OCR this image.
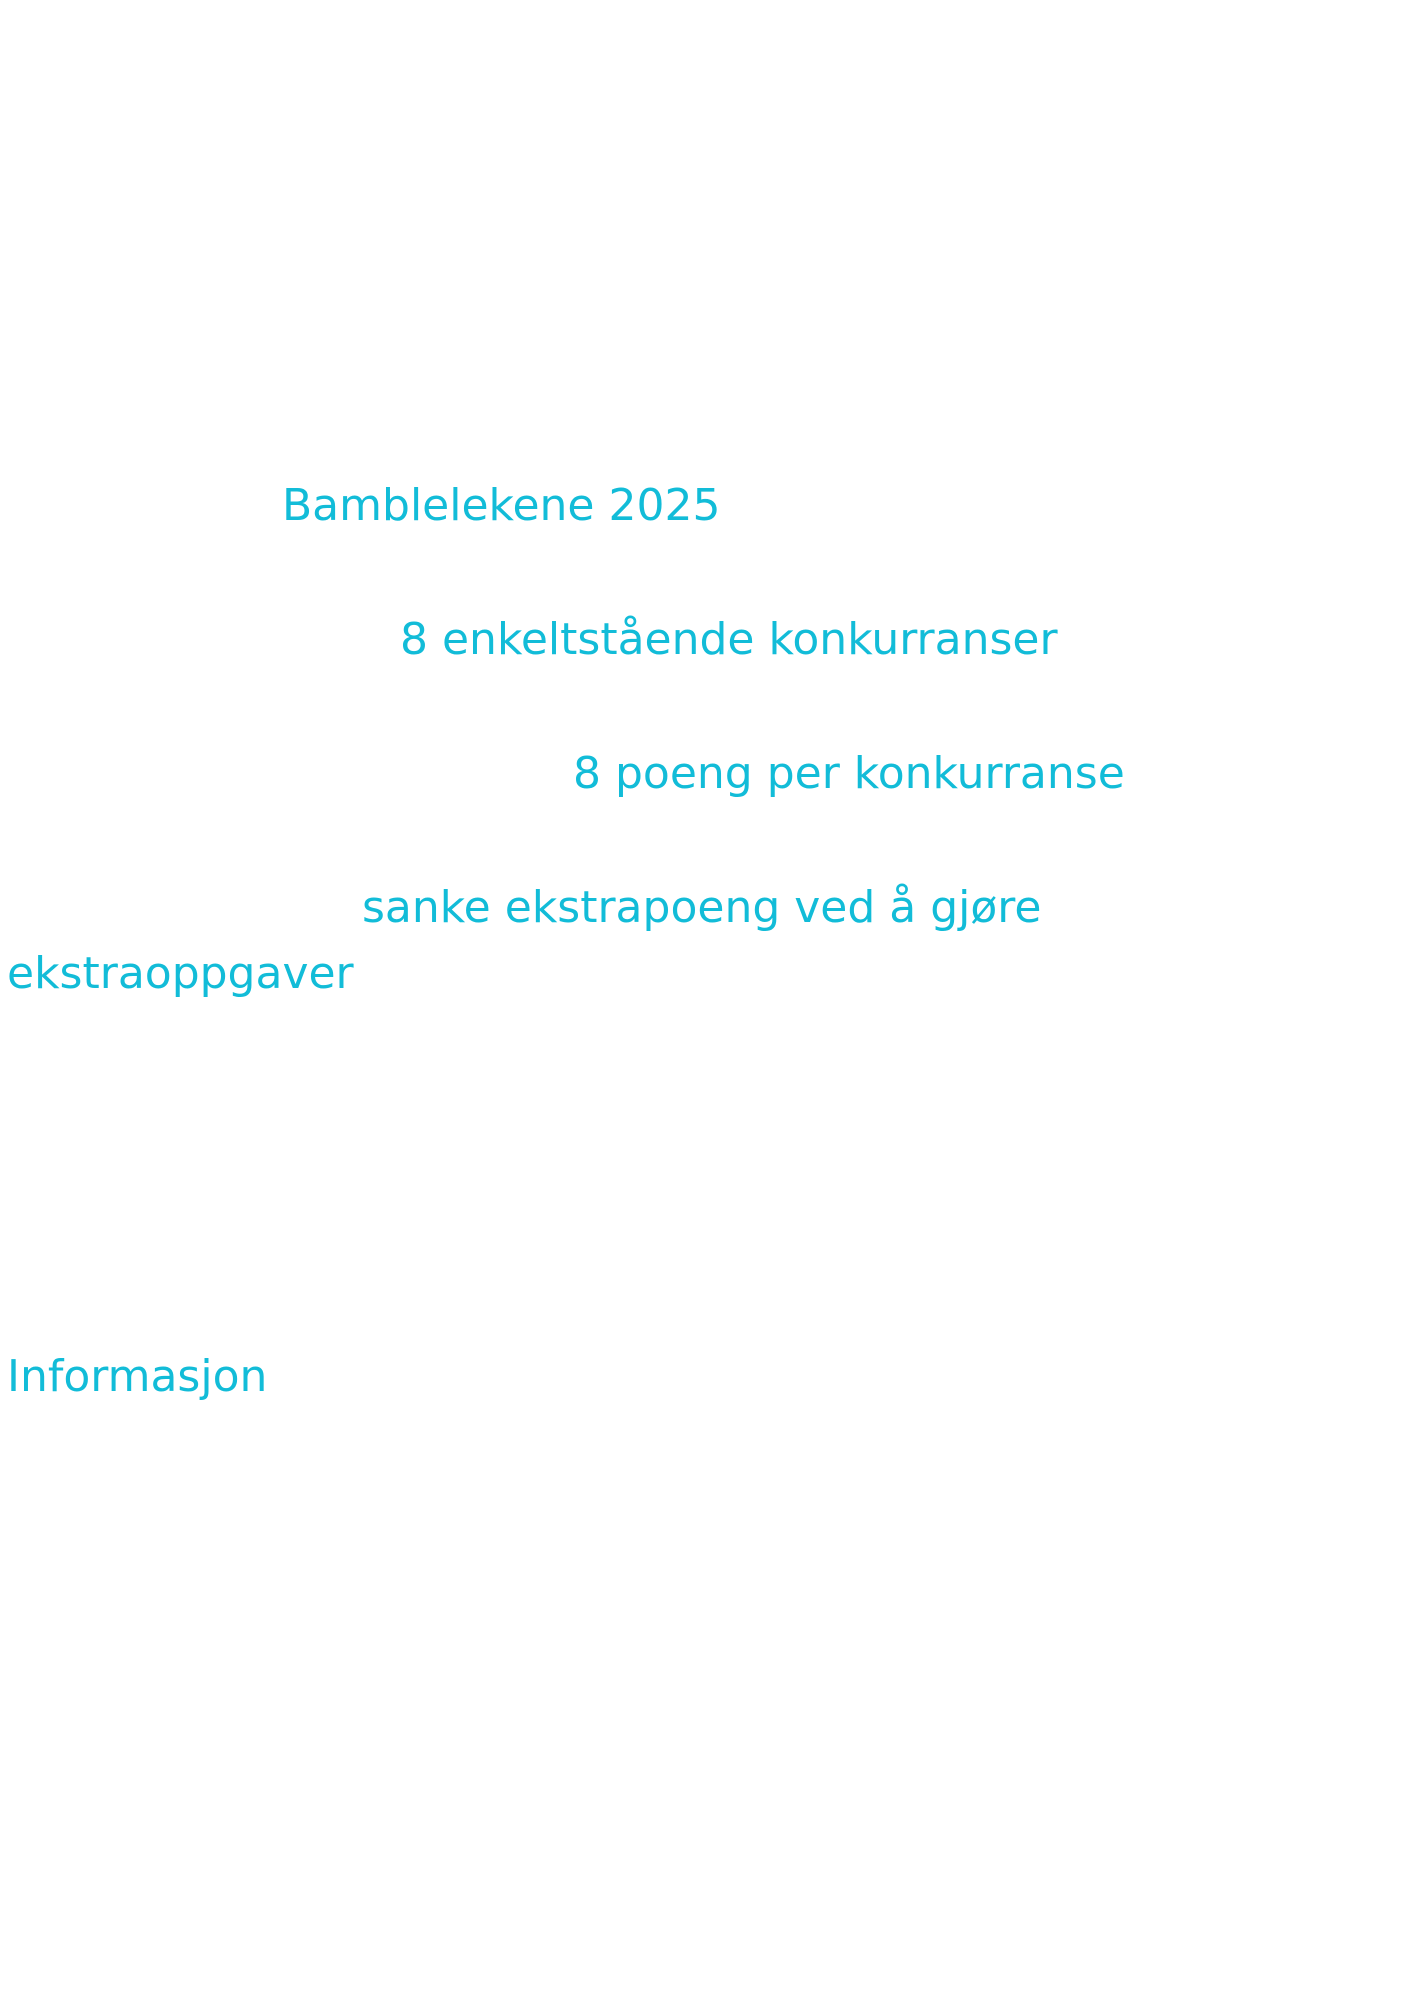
Bamblelekene 2025

8 enkeltstående konkurranser

8 poeng per konkurranse

sanke ekstrapoeng ved å gjøre ekstraoppgaver

Informasjon
